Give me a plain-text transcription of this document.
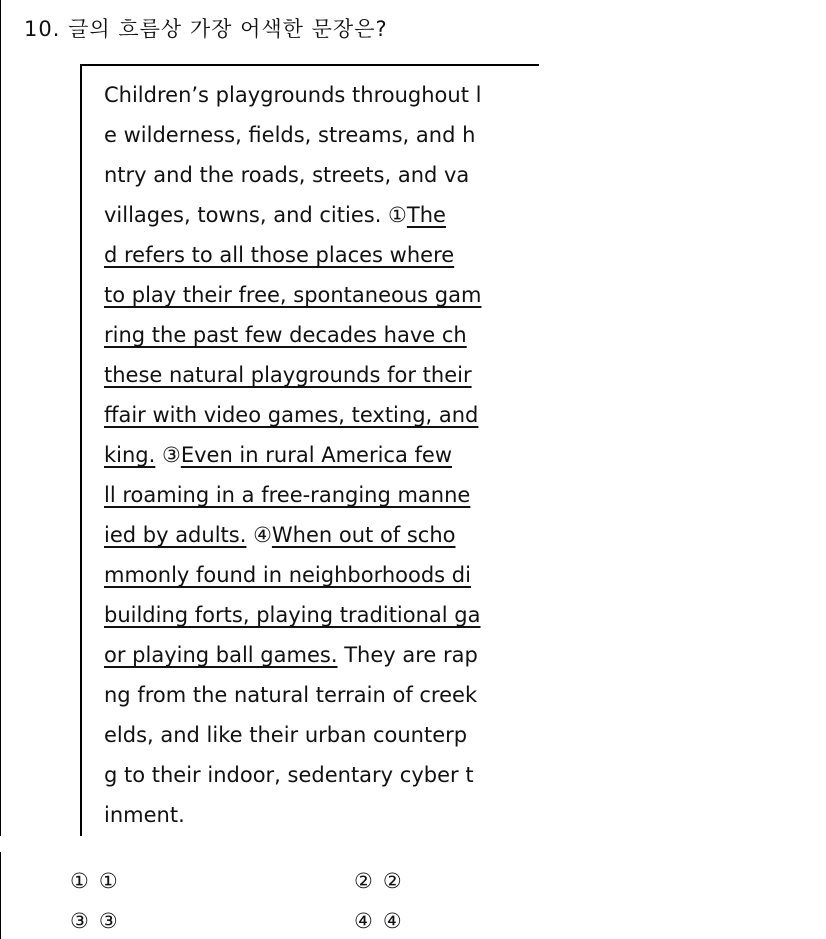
10. 글의 흐름상 가장 어색한 문장은?
Children’s playgrounds throughout l
e wilderness, fields, streams, and h
ntry and the roads, streets, and va
villages, towns, and cities. ①The
d refers to all those places where
to play their free, spontaneous gam
ring the past few decades have ch
these natural playgrounds for their
ffair with video games, texting, and
king. ③Even in rural America few
ll roaming in a free-ranging manne
ied by adults. ④When out of scho
mmonly found in neighborhoods di
building forts, playing traditional ga
or playing ball games. They are rap
ng from the natural terrain of creek
elds, and like their urban counterp
g to their indoor, sedentary cyber t
inment.
① ①	② ②
③ ③	④ ④
